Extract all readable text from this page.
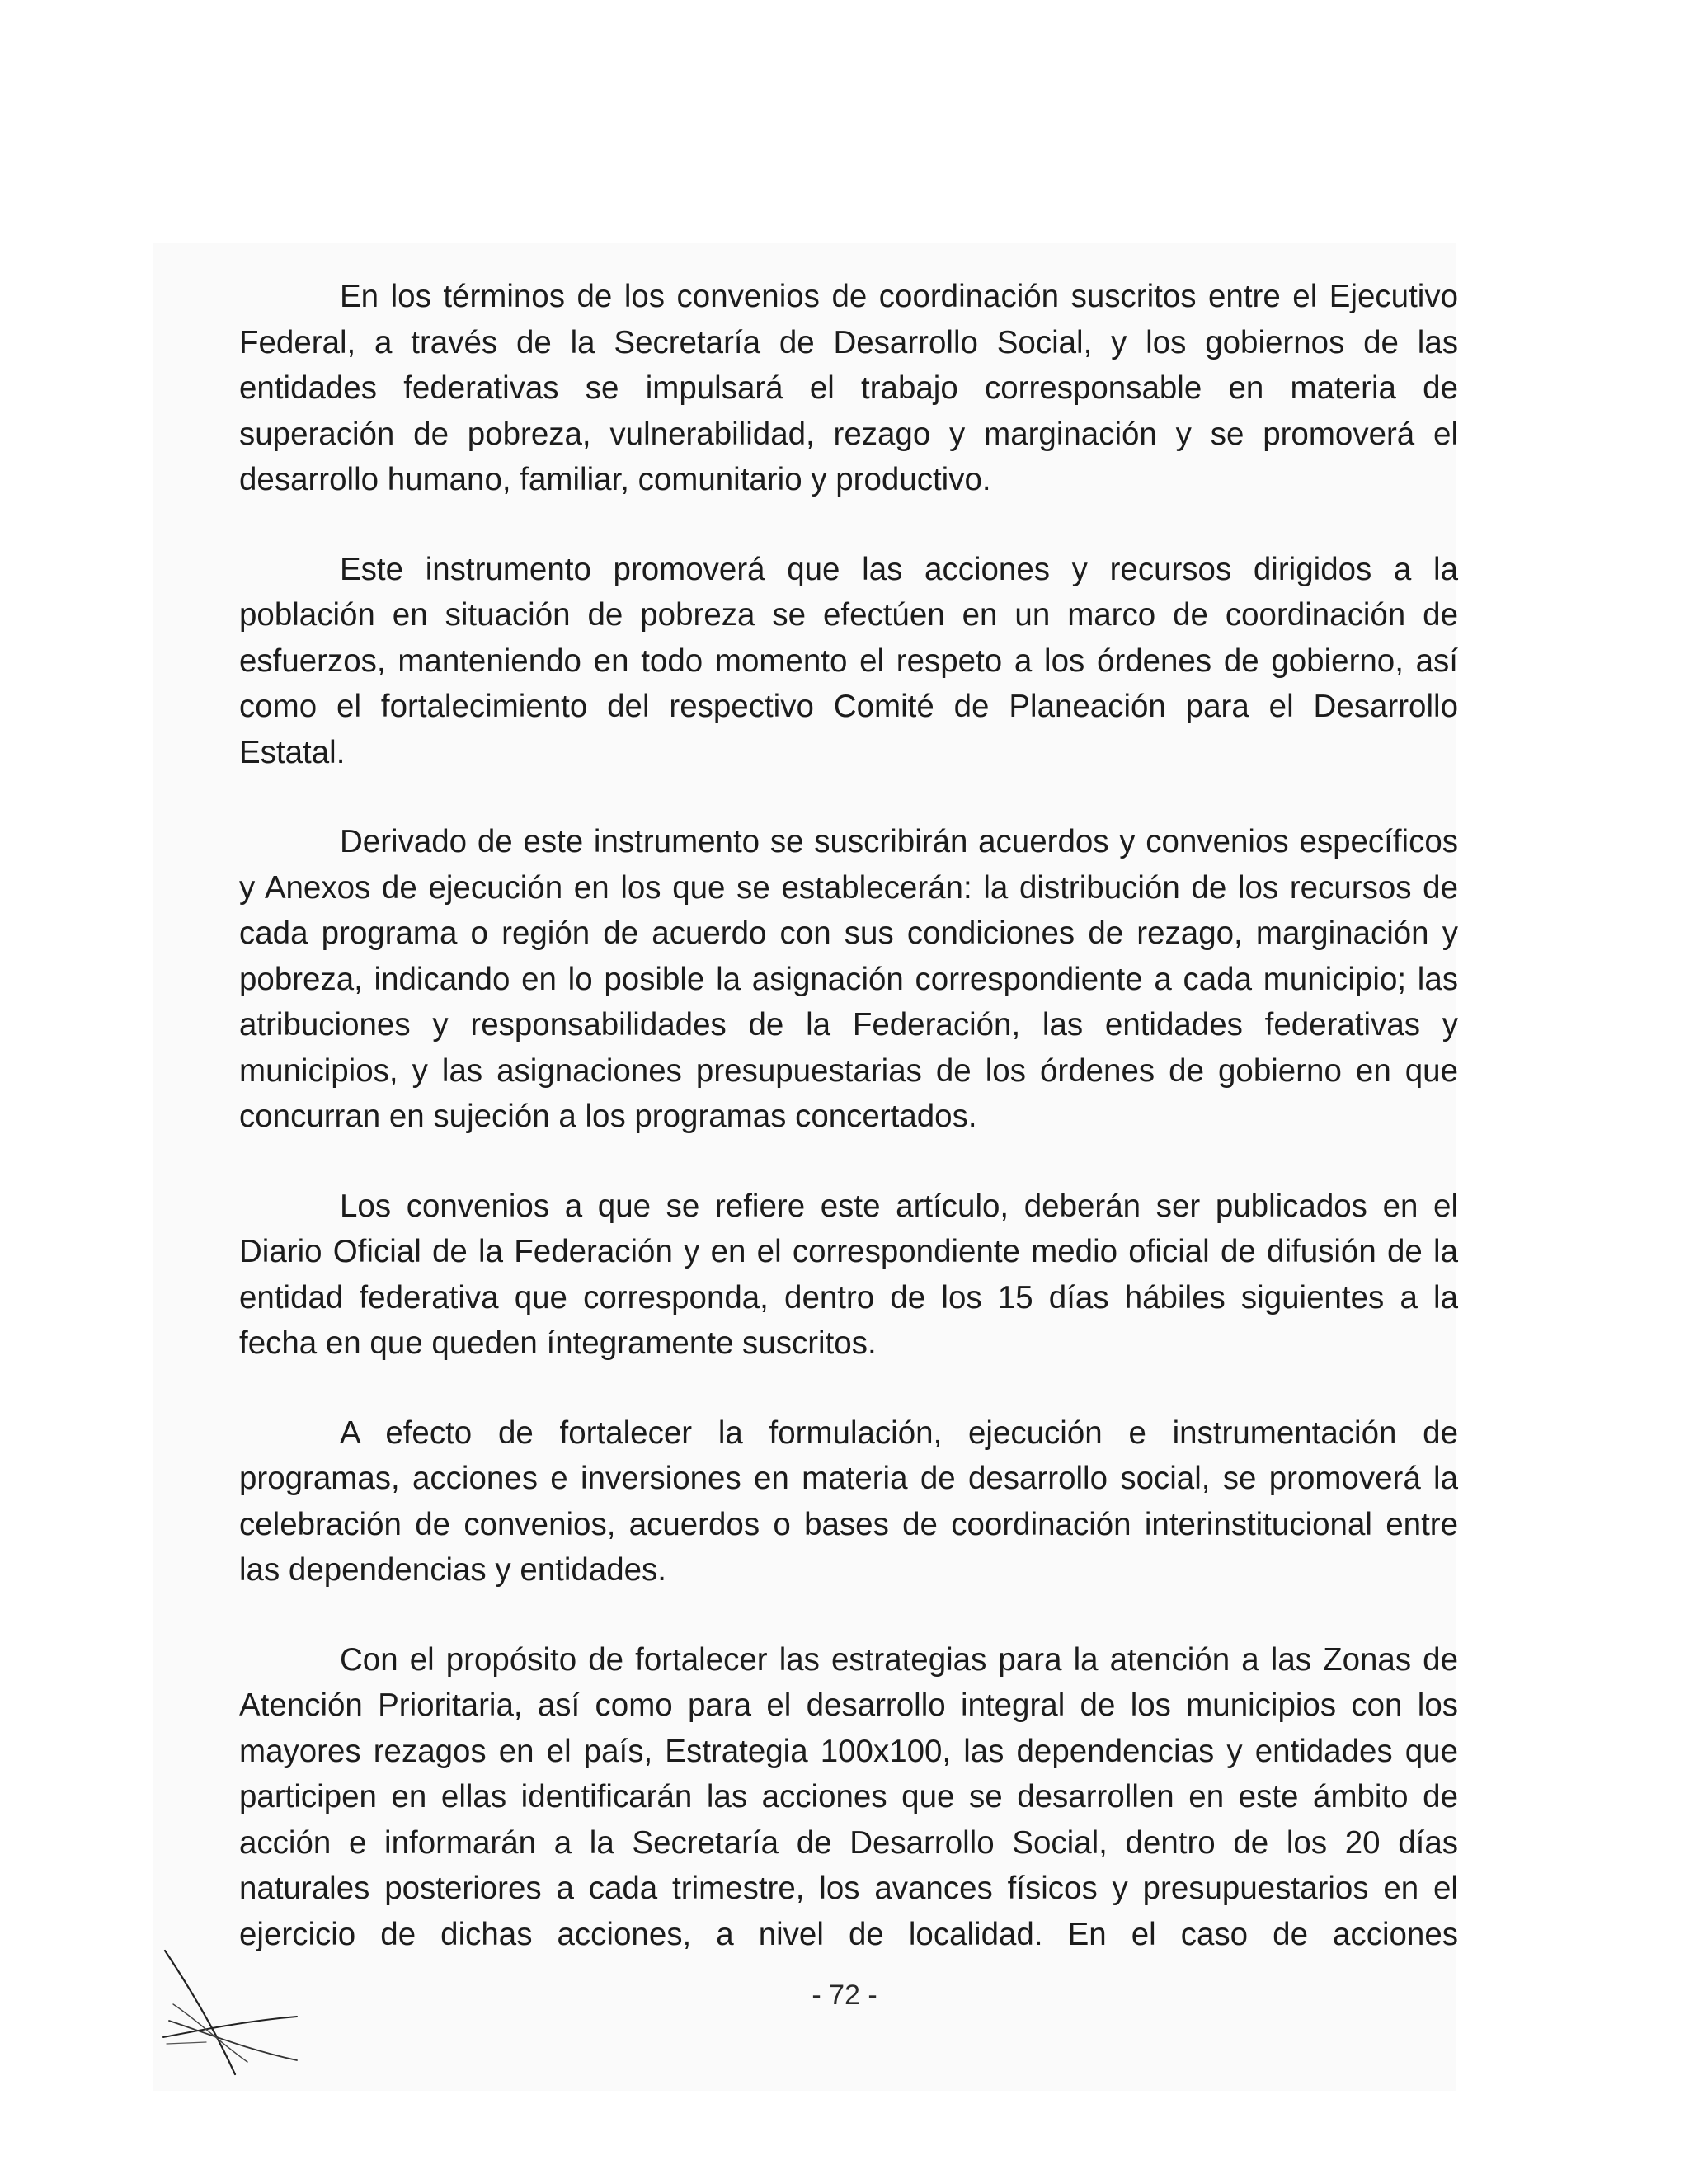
En los términos de los convenios de coordinación suscritos entre el Ejecutivo Federal, a través de la Secretaría de Desarrollo Social, y los gobiernos de las entidades federativas se impulsará el trabajo corresponsable en materia de superación de pobreza, vulnerabilidad, rezago y marginación y se promoverá el desarrollo humano, familiar, comunitario y productivo.

Este instrumento promoverá que las acciones y recursos dirigidos a la población en situación de pobreza se efectúen en un marco de coordinación de esfuerzos, manteniendo en todo momento el respeto a los órdenes de gobierno, así como el fortalecimiento del respectivo Comité de Planeación para el Desarrollo Estatal.

Derivado de este instrumento se suscribirán acuerdos y convenios específicos y Anexos de ejecución en los que se establecerán: la distribución de los recursos de cada programa o región de acuerdo con sus condiciones de rezago, marginación y pobreza, indicando en lo posible la asignación correspondiente a cada municipio; las atribuciones y responsabilidades de la Federación, las entidades federativas y municipios, y las asignaciones presupuestarias de los órdenes de gobierno en que concurran en sujeción a los programas concertados.

Los convenios a que se refiere este artículo, deberán ser publicados en el Diario Oficial de la Federación y en el correspondiente medio oficial de difusión de la entidad federativa que corresponda, dentro de los 15 días hábiles siguientes a la fecha en que queden íntegramente suscritos.

A efecto de fortalecer la formulación, ejecución e instrumentación de programas, acciones e inversiones en materia de desarrollo social, se promoverá la celebración de convenios, acuerdos o bases de coordinación interinstitucional entre las dependencias y entidades.

Con el propósito de fortalecer las estrategias para la atención a las Zonas de Atención Prioritaria, así como para el desarrollo integral de los municipios con los mayores rezagos en el país, Estrategia 100x100, las dependencias y entidades que participen en ellas identificarán las acciones que se desarrollen en este ámbito de acción e informarán a la Secretaría de Desarrollo Social, dentro de los 20 días naturales posteriores a cada trimestre, los avances físicos y presupuestarios en el ejercicio de dichas acciones, a nivel de localidad. En el caso de acciones

- 72 -
